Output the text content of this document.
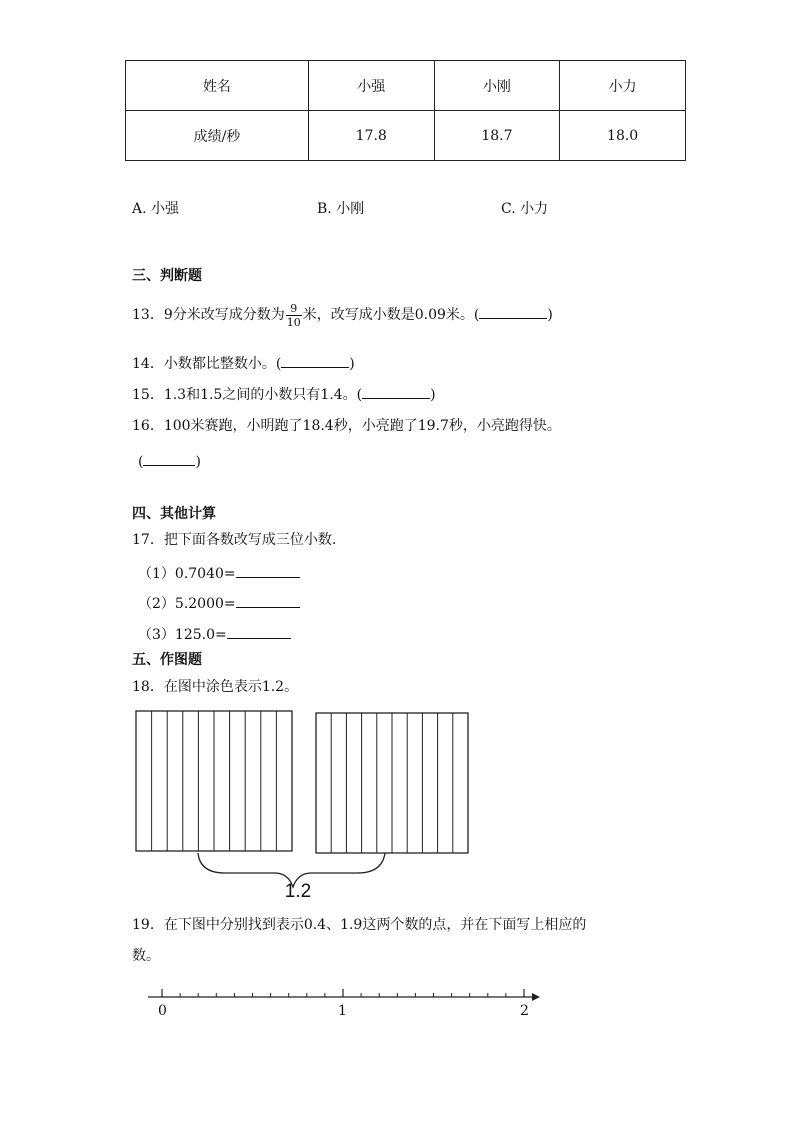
姓名	小强	小刚	小力
成绩/秒	17.8	18.7	18.0
A. 小强	B. 小刚	C. 小力
三、判断题
13．9分米改写成分数为 $\frac{9}{10}$ 米，改写成小数是0.09米。(	)
14．小数都比整数小。(	)
15．1.3和1.5之间的小数只有1.4。(	)
16．100米赛跑，小明跑了18.4秒，小亮跑了19.7秒，小亮跑得快。
(	)
四、其他计算
17．把下面各数改写成三位小数.
（1）0.7040=
（2）5.2000=
（3）125.0=
五、作图题
18．在图中涂色表示1.2。
1.2
19．在下图中分别找到表示0.4、1.9这两个数的点，并在下面写上相应的
数。
0	1	2
